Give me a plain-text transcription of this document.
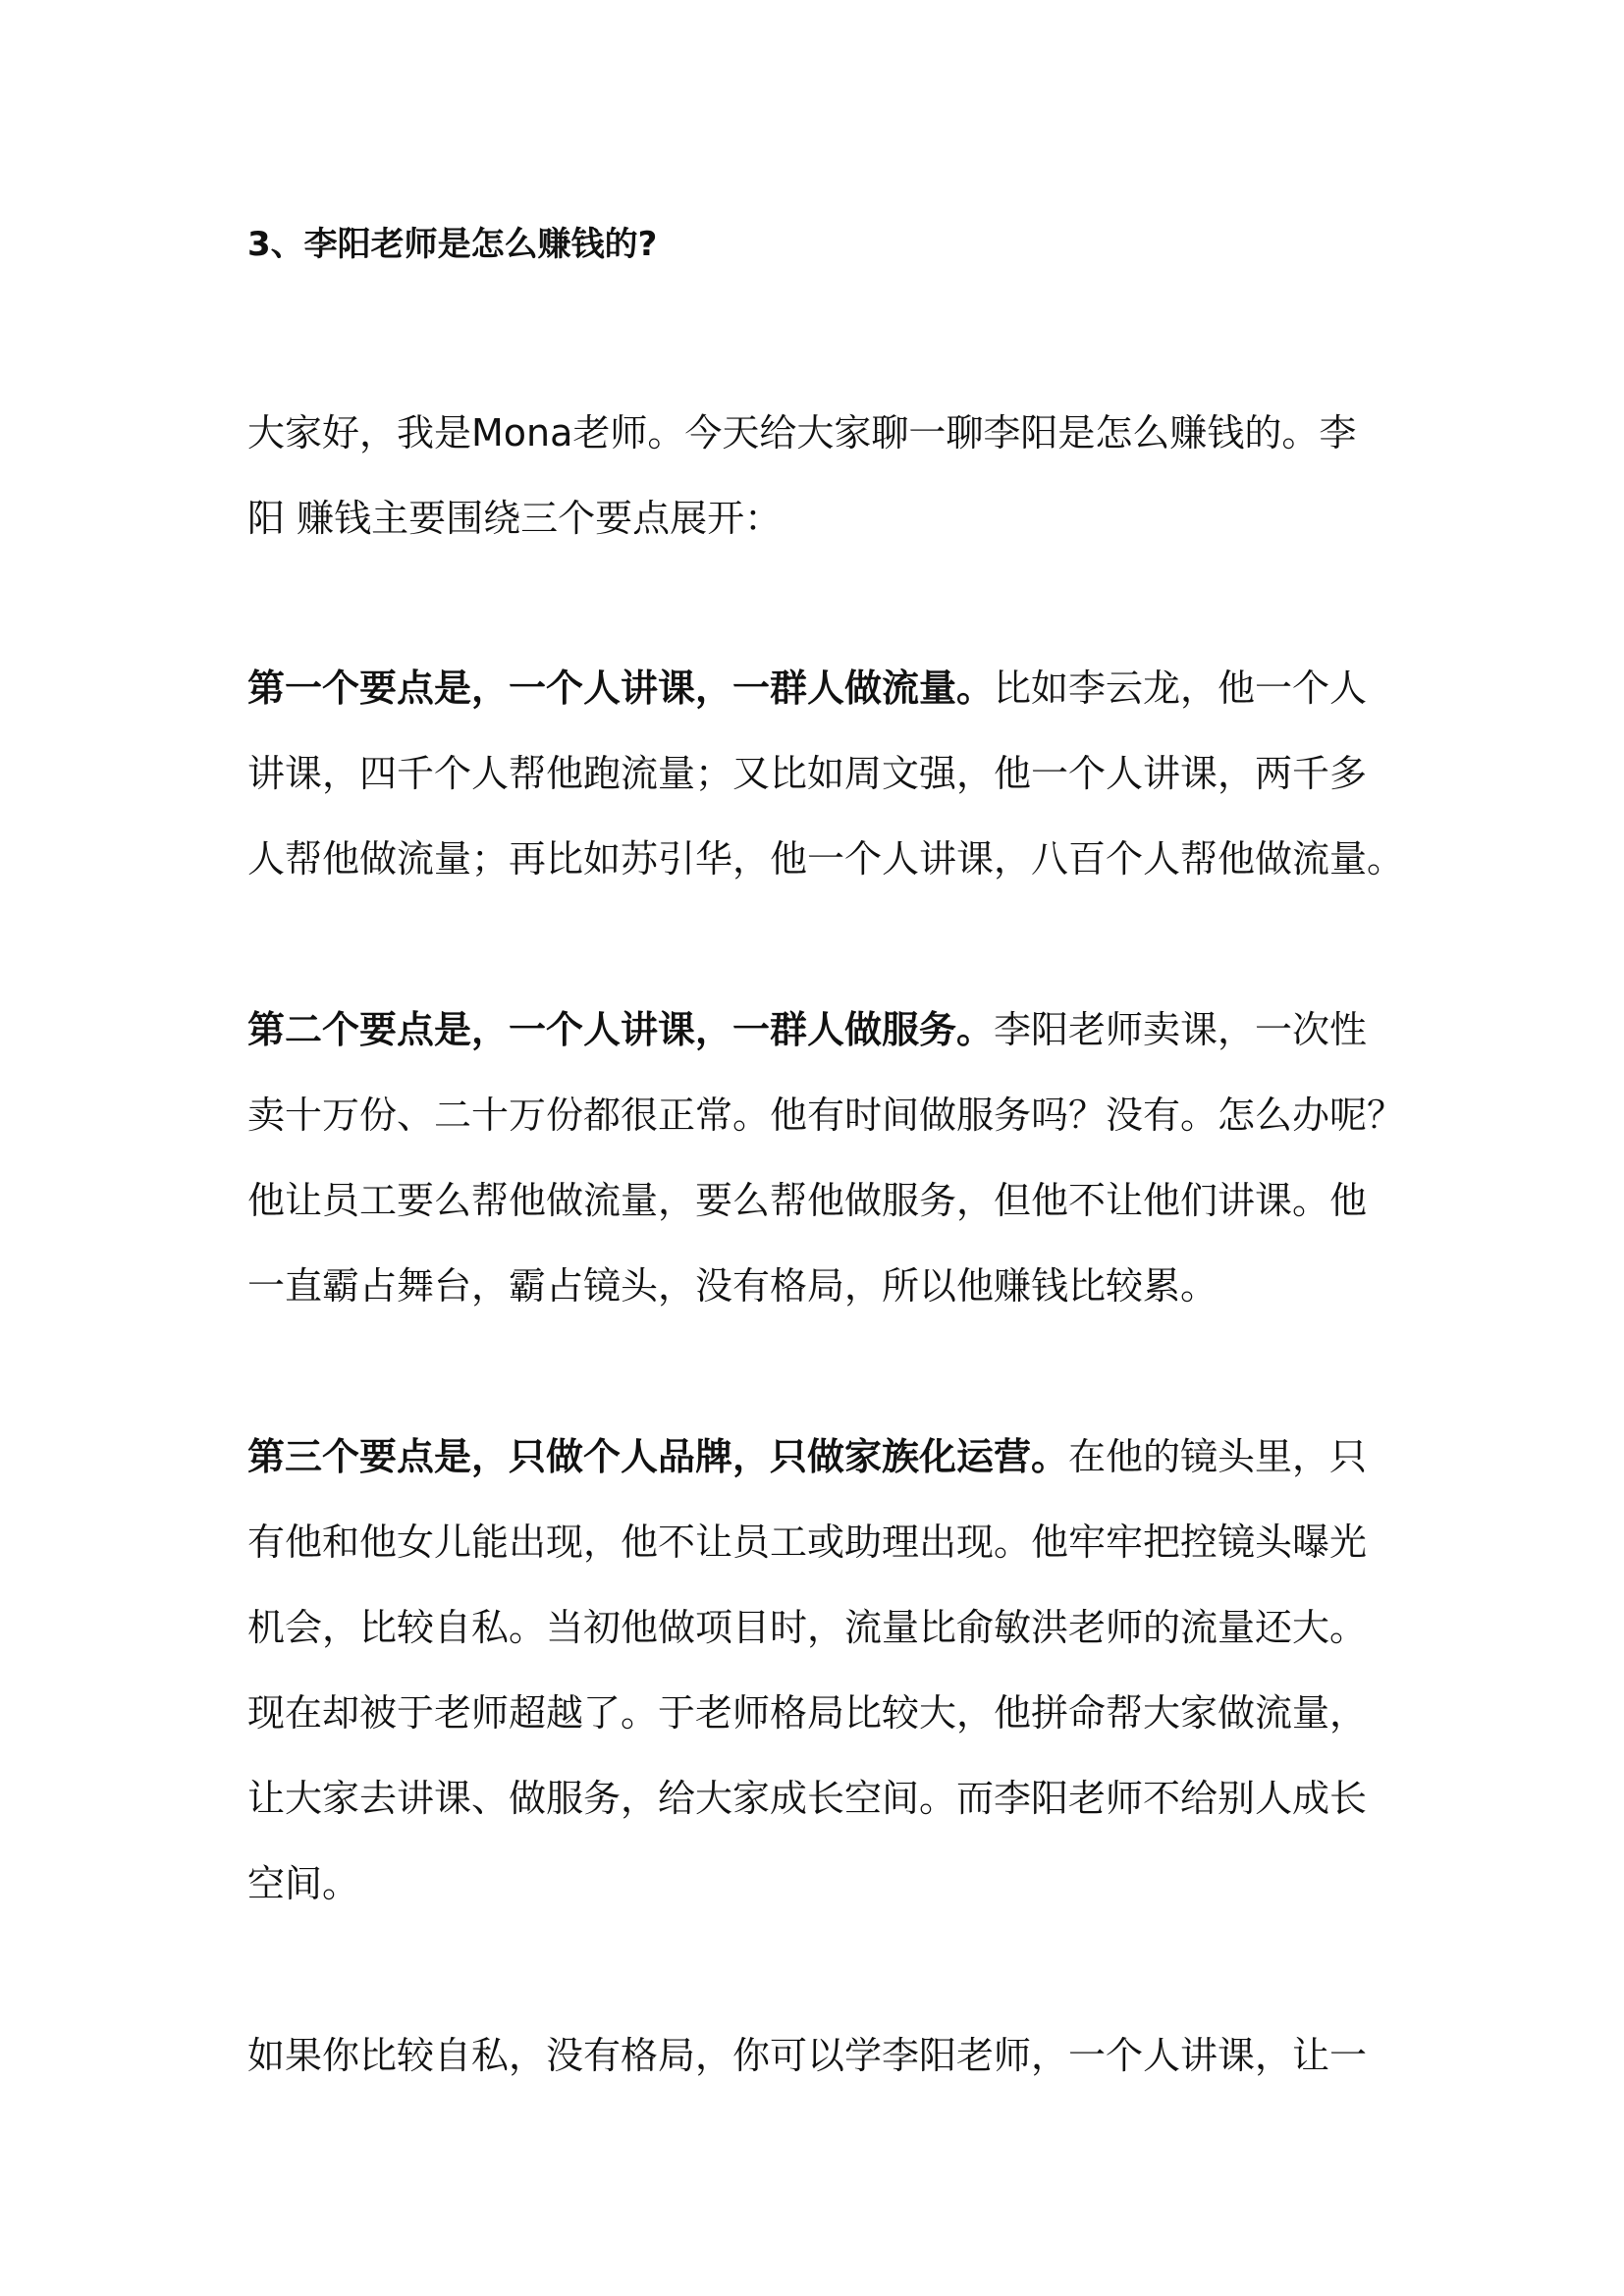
3、李阳老师是怎么赚钱的?
大家好，我是Mona老师。今天给大家聊一聊李阳是怎么赚钱的。李
阳 赚钱主要围绕三个要点展开：
第一个要点是，一个人讲课，一群人做流量。比如李云龙，他一个人
讲课，四千个人帮他跑流量；又比如周文强，他一个人讲课，两千多
人帮他做流量；再比如苏引华，他一个人讲课，八百个人帮他做流量。
第二个要点是，一个人讲课，一群人做服务。李阳老师卖课，一次性
卖十万份、二十万份都很正常。他有时间做服务吗？没有。怎么办呢？
他让员工要么帮他做流量，要么帮他做服务，但他不让他们讲课。他
一直霸占舞台，霸占镜头，没有格局，所以他赚钱比较累。
第三个要点是，只做个人品牌，只做家族化运营。在他的镜头里，只
有他和他女儿能出现，他不让员工或助理出现。他牢牢把控镜头曝光
机会，比较自私。当初他做项目时，流量比俞敏洪老师的流量还大。
现在却被于老师超越了。于老师格局比较大，他拼命帮大家做流量，
让大家去讲课、做服务，给大家成长空间。而李阳老师不给别人成长
空间。
如果你比较自私，没有格局，你可以学李阳老师，一个人讲课，让一
